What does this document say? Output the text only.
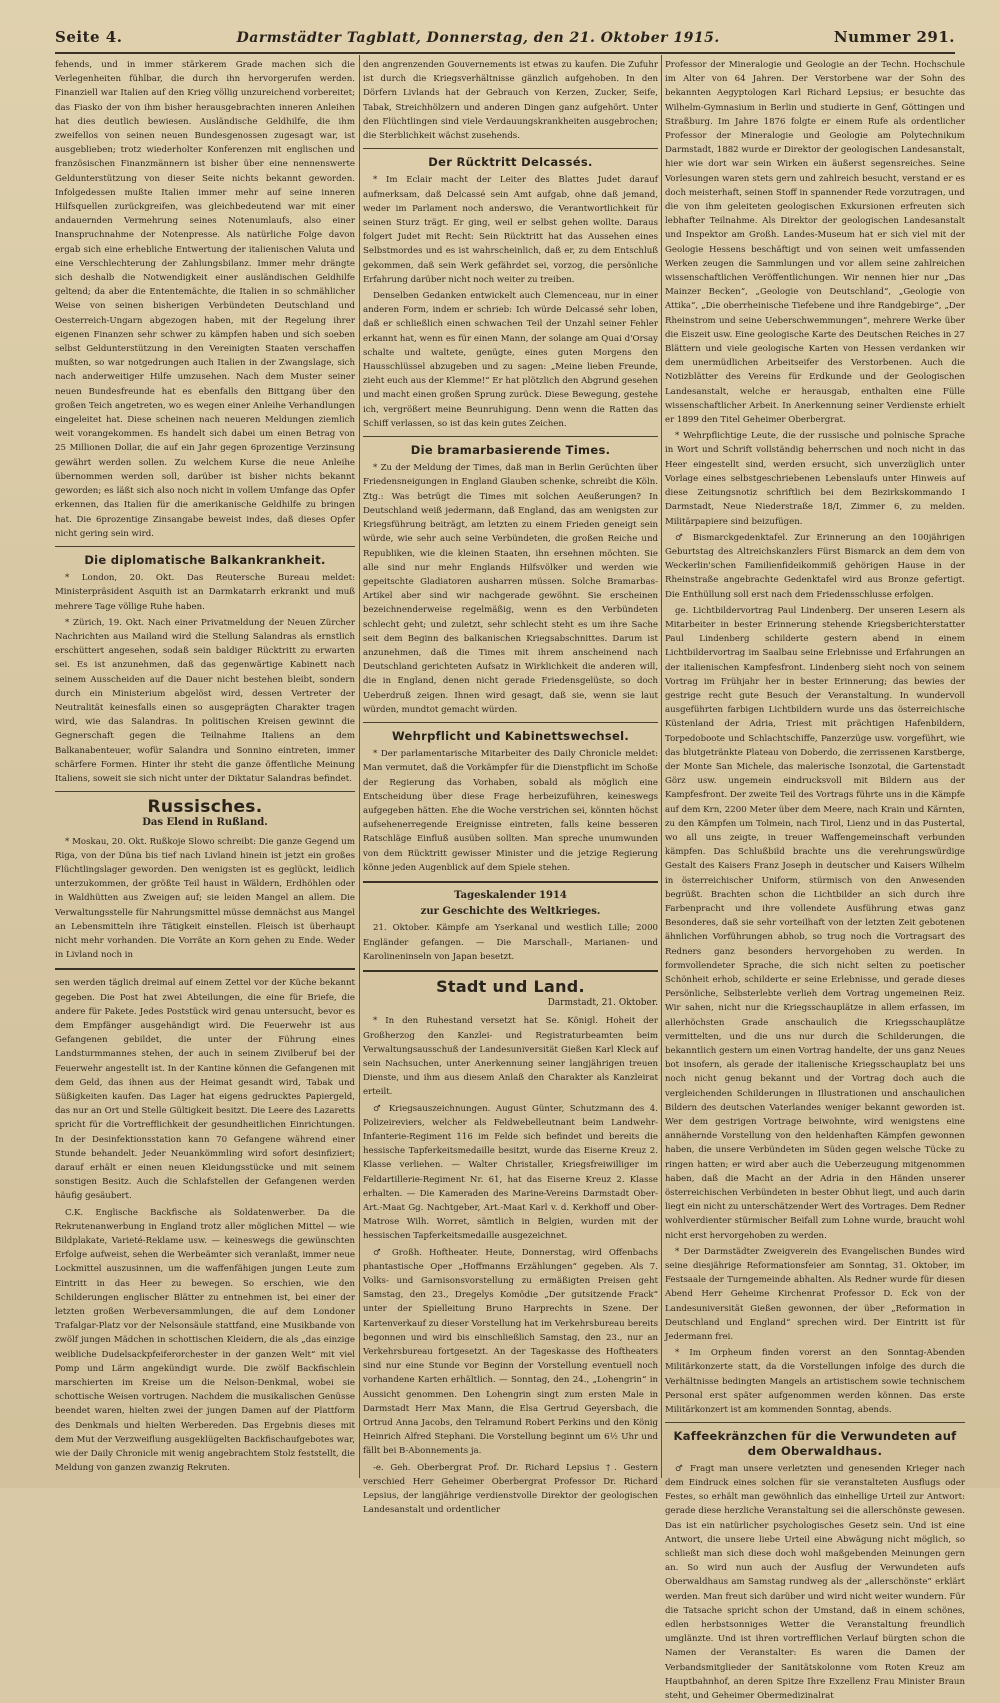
Seite 4.	Darmstädter Tagblatt, Donnerstag, den 21. Oktober 1915.	Nummer 291.

fehends, und in immer stärkerem Grade machen sich die Verlegenheiten fühlbar, die durch ihn hervorgerufen werden. Finanziell war Italien auf den Krieg völlig unzureichend vorbereitet; das Fiasko der von ihm bisher herausgebrachten inneren Anleihen hat dies deutlich bewiesen. Ausländische Geldhilfe, die ihm zweifellos von seinen neuen Bundesgenossen zugesagt war, ist ausgeblieben; trotz wiederholter Konferenzen mit englischen und französischen Finanzmännern ist bisher über eine nennenswerte Geldunterstützung von dieser Seite nichts bekannt geworden. Infolgedessen mußte Italien immer mehr auf seine inneren Hilfsquellen zurückgreifen, was gleichbedeutend war mit einer andauernden Vermehrung seines Notenumlaufs, also einer Inanspruchnahme der Notenpresse. Als natürliche Folge davon ergab sich eine erhebliche Entwertung der italienischen Valuta und eine Verschlechterung der Zahlungsbilanz. Immer mehr drängte sich deshalb die Notwendigkeit einer ausländischen Geldhilfe geltend; da aber die Ententemächte, die Italien in so schmählicher Weise von seinen bisherigen Verbündeten Deutschland und Oesterreich-Ungarn abgezogen haben, mit der Regelung ihrer eigenen Finanzen sehr schwer zu kämpfen haben und sich soeben selbst Geldunterstützung in den Vereinigten Staaten verschaffen mußten, so war notgedrungen auch Italien in der Zwangslage, sich nach anderweitiger Hilfe umzusehen. Nach dem Muster seiner neuen Bundesfreunde hat es ebenfalls den Bittgang über den großen Teich angetreten, wo es wegen einer Anleihe Verhandlungen eingeleitet hat. Diese scheinen nach neueren Meldungen ziemlich weit vorangekommen. Es handelt sich dabei um einen Betrag von 25 Millionen Dollar, die auf ein Jahr gegen 6prozentige Verzinsung gewährt werden sollen. Zu welchem Kurse die neue Anleihe übernommen werden soll, darüber ist bisher nichts bekannt geworden; es läßt sich also noch nicht in vollem Umfange das Opfer erkennen, das Italien für die amerikanische Geldhilfe zu bringen hat. Die 6prozentige Zinsangabe beweist indes, daß dieses Opfer nicht gering sein wird.

Die diplomatische Balkankrankheit.

* London, 20. Okt. Das Reutersche Bureau meldet: Ministerpräsident Asquith ist an Darmkatarrh erkrankt und muß mehrere Tage völlige Ruhe haben.

* Zürich, 19. Okt. Nach einer Privatmeldung der Neuen Zürcher Nachrichten aus Mailand wird die Stellung Salandras als ernstlich erschüttert angesehen, sodaß sein baldiger Rücktritt zu erwarten sei. Es ist anzunehmen, daß das gegenwärtige Kabinett nach seinem Ausscheiden auf die Dauer nicht bestehen bleibt, sondern durch ein Ministerium abgelöst wird, dessen Vertreter der Neutralität keinesfalls einen so ausgeprägten Charakter tragen wird, wie das Salandras. In politischen Kreisen gewinnt die Gegnerschaft gegen die Teilnahme Italiens an dem Balkanabenteuer, wofür Salandra und Sonnino eintreten, immer schärfere Formen. Hinter ihr steht die ganze öffentliche Meinung Italiens, soweit sie sich nicht unter der Diktatur Salandras befindet.

Russisches.
Das Elend in Rußland.

* Moskau, 20. Okt. Rußkoje Slowo schreibt: Die ganze Gegend um Riga, von der Düna bis tief nach Livland hinein ist jetzt ein großes Flüchtlingslager geworden. Den wenigsten ist es geglückt, leidlich unterzukommen, der größte Teil haust in Wäldern, Erdhöhlen oder in Waldhütten aus Zweigen auf; sie leiden Mangel an allem. Die Verwaltungsstelle für Nahrungsmittel müsse demnächst aus Mangel an Lebensmitteln ihre Tätigkeit einstellen. Fleisch ist überhaupt nicht mehr vorhanden. Die Vorräte an Korn gehen zu Ende. Weder in Livland noch in

sen werden täglich dreimal auf einem Zettel vor der Küche bekannt gegeben. Die Post hat zwei Abteilungen, die eine für Briefe, die andere für Pakete. Jedes Poststück wird genau untersucht, bevor es dem Empfänger ausgehändigt wird. Die Feuerwehr ist aus Gefangenen gebildet, die unter der Führung eines Landsturmmannes stehen, der auch in seinem Zivilberuf bei der Feuerwehr angestellt ist. In der Kantine können die Gefangenen mit dem Geld, das ihnen aus der Heimat gesandt wird, Tabak und Süßigkeiten kaufen. Das Lager hat eigens gedrucktes Papiergeld, das nur an Ort und Stelle Gültigkeit besitzt. Die Leere des Lazaretts spricht für die Vortrefflichkeit der gesundheitlichen Einrichtungen. In der Desinfektionsstation kann 70 Gefangene während einer Stunde behandelt. Jeder Neuankömmling wird sofort desinfiziert; darauf erhält er einen neuen Kleidungsstücke und mit seinem sonstigen Besitz. Auch die Schlafstellen der Gefangenen werden häufig gesäubert.

C.K. Englische Backfische als Soldatenwerber. Da die Rekrutenanwerbung in England trotz aller möglichen Mittel — wie Bildplakate, Varieté-Reklame usw. — keineswegs die gewünschten Erfolge aufweist, sehen die Werbeämter sich veranlaßt, immer neue Lockmittel auszusinnen, um die waffenfähigen jungen Leute zum Eintritt in das Heer zu bewegen. So erschien, wie den Schilderungen englischer Blätter zu entnehmen ist, bei einer der letzten großen Werbeversammlungen, die auf dem Londoner Trafalgar-Platz vor der Nelsonsäule stattfand, eine Musikbande von zwölf jungen Mädchen in schottischen Kleidern, die als „das einzige weibliche Dudelsackpfeiferorchester in der ganzen Welt“ mit viel Pomp und Lärm angekündigt wurde. Die zwölf Backfischlein marschierten im Kreise um die Nelson-Denkmal, wobei sie schottische Weisen vortrugen. Nachdem die musikalischen Genüsse beendet waren, hielten zwei der jungen Damen auf der Plattform des Denkmals und hielten Werbereden. Das Ergebnis dieses mit dem Mut der Verzweiflung ausgeklügelten Backfischaufgebotes war, wie der Daily Chronicle mit wenig angebrachtem Stolz feststellt, die Meldung von ganzen zwanzig Rekruten.

den angrenzenden Gouvernements ist etwas zu kaufen. Die Zufuhr ist durch die Kriegsverhältnisse gänzlich aufgehoben. In den Dörfern Livlands hat der Gebrauch von Kerzen, Zucker, Seife, Tabak, Streichhölzern und anderen Dingen ganz aufgehört. Unter den Flüchtlingen sind viele Verdauungskrankheiten ausgebrochen; die Sterblichkeit wächst zusehends.

Der Rücktritt Delcassés.

* Im Eclair macht der Leiter des Blattes Judet darauf aufmerksam, daß Delcassé sein Amt aufgab, ohne daß jemand, weder im Parlament noch anderswo, die Verantwortlichkeit für seinen Sturz trägt. Er ging, weil er selbst gehen wollte. Daraus folgert Judet mit Recht: Sein Rücktritt hat das Aussehen eines Selbstmordes und es ist wahrscheinlich, daß er, zu dem Entschluß gekommen, daß sein Werk gefährdet sei, vorzog, die persönliche Erfahrung darüber nicht noch weiter zu treiben.

Denselben Gedanken entwickelt auch Clemenceau, nur in einer anderen Form, indem er schrieb: Ich würde Delcassé sehr loben, daß er schließlich einen schwachen Teil der Unzahl seiner Fehler erkannt hat, wenn es für einen Mann, der solange am Quai d'Orsay schalte und waltete, genügte, eines guten Morgens den Hausschlüssel abzugeben und zu sagen: „Meine lieben Freunde, zieht euch aus der Klemme!“ Er hat plötzlich den Abgrund gesehen und macht einen großen Sprung zurück. Diese Bewegung, gestehe ich, vergrößert meine Beunruhigung. Denn wenn die Ratten das Schiff verlassen, so ist das kein gutes Zeichen.

Die bramarbasierende Times.

* Zu der Meldung der Times, daß man in Berlin Gerüchten über Friedensneigungen in England Glauben schenke, schreibt die Köln. Ztg.: Was betrügt die Times mit solchen Aeußerungen? In Deutschland weiß jedermann, daß England, das am wenigsten zur Kriegsführung beiträgt, am letzten zu einem Frieden geneigt sein würde, wie sehr auch seine Verbündeten, die großen Reiche und Republiken, wie die kleinen Staaten, ihn ersehnen möchten. Sie alle sind nur mehr Englands Hilfsvölker und werden wie gepeitschte Gladiatoren ausharren müssen. Solche Bramarbas-Artikel aber sind wir nachgerade gewöhnt. Sie erscheinen bezeichnenderweise regelmäßig, wenn es den Verbündeten schlecht geht; und zuletzt, sehr schlecht steht es um ihre Sache seit dem Beginn des balkanischen Kriegsabschnittes. Darum ist anzunehmen, daß die Times mit ihrem anscheinend nach Deutschland gerichteten Aufsatz in Wirklichkeit die anderen will, die in England, denen nicht gerade Friedensgelüste, so doch Ueberdruß zeigen. Ihnen wird gesagt, daß sie, wenn sie laut würden, mundtot gemacht würden.

Wehrpflicht und Kabinettswechsel.

* Der parlamentarische Mitarbeiter des Daily Chronicle meldet: Man vermutet, daß die Vorkämpfer für die Dienstpflicht im Schoße der Regierung das Vorhaben, sobald als möglich eine Entscheidung über diese Frage herbeizuführen, keineswegs aufgegeben hätten. Ehe die Woche verstrichen sei, könnten höchst aufsehenerregende Ereignisse eintreten, falls keine besseren Ratschläge Einfluß ausüben sollten. Man spreche unumwunden von dem Rücktritt gewisser Minister und die jetzige Regierung könne jeden Augenblick auf dem Spiele stehen.

Tageskalender 1914
zur Geschichte des Weltkrieges.

21. Oktober. Kämpfe am Yserkanal und westlich Lille; 2000 Engländer gefangen. — Die Marschall-, Marianen- und Karolineninseln von Japan besetzt.

Stadt und Land.
Darmstadt, 21. Oktober.

* In den Ruhestand versetzt hat Se. Königl. Hoheit der Großherzog den Kanzlei- und Registraturbeamten beim Verwaltungsausschuß der Landesuniversität Gießen Karl Kleck auf sein Nachsuchen, unter Anerkennung seiner langjährigen treuen Dienste, und ihm aus diesem Anlaß den Charakter als Kanzleirat erteilt.

♂ Kriegsauszeichnungen. August Günter, Schutzmann des 4. Polizeireviers, welcher als Feldwebelleutnant beim Landwehr-Infanterie-Regiment 116 im Felde sich befindet und bereits die hessische Tapferkeitsmedaille besitzt, wurde das Eiserne Kreuz 2. Klasse verliehen. — Walter Christaller, Kriegsfreiwilliger im Feldartillerie-Regiment Nr. 61, hat das Eiserne Kreuz 2. Klasse erhalten. — Die Kameraden des Marine-Vereins Darmstadt Ober-Art.-Maat Gg. Nachtgeber, Art.-Maat Karl v. d. Kerkhoff und Ober-Matrose Wilh. Worret, sämtlich in Belgien, wurden mit der hessischen Tapferkeitsmedaille ausgezeichnet.

♂ Großh. Hoftheater. Heute, Donnerstag, wird Offenbachs phantastische Oper „Hoffmanns Erzählungen“ gegeben. Als 7. Volks- und Garnisonsvorstellung zu ermäßigten Preisen geht Samstag, den 23., Dregelys Komödie „Der gutsitzende Frack“ unter der Spielleitung Bruno Harprechts in Szene. Der Kartenverkauf zu dieser Vorstellung hat im Verkehrsbureau bereits begonnen und wird bis einschließlich Samstag, den 23., nur an Verkehrsbureau fortgesetzt. An der Tageskasse des Hoftheaters sind nur eine Stunde vor Beginn der Vorstellung eventuell noch vorhandene Karten erhältlich. — Sonntag, den 24., „Lohengrin“ in Aussicht genommen. Den Lohengrin singt zum ersten Male in Darmstadt Herr Max Mann, die Elsa Gertrud Geyersbach, die Ortrud Anna Jacobs, den Telramund Robert Perkins und den König Heinrich Alfred Stephani. Die Vorstellung beginnt um 6½ Uhr und fällt bei B-Abonnements ja.

-e. Geh. Oberbergrat Prof. Dr. Richard Lepsius †. Gestern verschied Herr Geheimer Oberbergrat Professor Dr. Richard Lepsius, der langjährige verdienstvolle Direktor der geologischen Landesanstalt und ordentlicher

Professor der Mineralogie und Geologie an der Techn. Hochschule im Alter von 64 Jahren. Der Verstorbene war der Sohn des bekannten Aegyptologen Karl Richard Lepsius; er besuchte das Wilhelm-Gymnasium in Berlin und studierte in Genf, Göttingen und Straßburg. Im Jahre 1876 folgte er einem Rufe als ordentlicher Professor der Mineralogie und Geologie am Polytechnikum Darmstadt, 1882 wurde er Direktor der geologischen Landesanstalt, hier wie dort war sein Wirken ein äußerst segensreiches. Seine Vorlesungen waren stets gern und zahlreich besucht, verstand er es doch meisterhaft, seinen Stoff in spannender Rede vorzutragen, und die von ihm geleiteten geologischen Exkursionen erfreuten sich lebhafter Teilnahme. Als Direktor der geologischen Landesanstalt und Inspektor am Großh. Landes-Museum hat er sich viel mit der Geologie Hessens beschäftigt und von seinen weit umfassenden Werken zeugen die Sammlungen und vor allem seine zahlreichen wissenschaftlichen Veröffentlichungen. Wir nennen hier nur „Das Mainzer Becken“, „Geologie von Deutschland“, „Geologie von Attika“, „Die oberrheinische Tiefebene und ihre Randgebirge“, „Der Rheinstrom und seine Ueberschwemmungen“, mehrere Werke über die Eiszeit usw. Eine geologische Karte des Deutschen Reiches in 27 Blättern und viele geologische Karten von Hessen verdanken wir dem unermüdlichen Arbeitseifer des Verstorbenen. Auch die Notizblätter des Vereins für Erdkunde und der Geologischen Landesanstalt, welche er herausgab, enthalten eine Fülle wissenschaftlicher Arbeit. In Anerkennung seiner Verdienste erhielt er 1899 den Titel Geheimer Oberbergrat.

* Wehrpflichtige Leute, die der russische und polnische Sprache in Wort und Schrift vollständig beherrschen und noch nicht in das Heer eingestellt sind, werden ersucht, sich unverzüglich unter Vorlage eines selbstgeschriebenen Lebenslaufs unter Hinweis auf diese Zeitungsnotiz schriftlich bei dem Bezirkskommando I Darmstadt, Neue Niederstraße 18/I, Zimmer 6, zu melden. Militärpapiere sind beizufügen.

♂ Bismarckgedenktafel. Zur Erinnerung an den 100jährigen Geburtstag des Altreichskanzlers Fürst Bismarck an dem dem von Weckerlin'schen Familienfideikommiß gehörigen Hause in der Rheinstraße angebrachte Gedenktafel wird aus Bronze gefertigt. Die Enthüllung soll erst nach dem Friedensschlusse erfolgen.

ge. Lichtbildervortrag Paul Lindenberg. Der unseren Lesern als Mitarbeiter in bester Erinnerung stehende Kriegsberichterstatter Paul Lindenberg schilderte gestern abend in einem Lichtbildervortrag im Saalbau seine Erlebnisse und Erfahrungen an der italienischen Kampfesfront. Lindenberg sieht noch von seinem Vortrag im Frühjahr her in bester Erinnerung; das bewies der gestrige recht gute Besuch der Veranstaltung. In wundervoll ausgeführten farbigen Lichtbildern wurde uns das österreichische Küstenland der Adria, Triest mit prächtigen Hafenbildern, Torpedoboote und Schlachtschiffe, Panzerzüge usw. vorgeführt, wie das blutgetränkte Plateau von Doberdo, die zerrissenen Karstberge, der Monte San Michele, das malerische Isonzotal, die Gartenstadt Görz usw. ungemein eindrucksvoll mit Bildern aus der Kampfesfront. Der zweite Teil des Vortrags führte uns in die Kämpfe auf dem Krn, 2200 Meter über dem Meere, nach Krain und Kärnten, zu den Kämpfen um Tolmein, nach Tirol, Lienz und in das Pustertal, wo all uns zeigte, in treuer Waffengemeinschaft verbunden kämpfen. Das Schlußbild brachte uns die verehrungswürdige Gestalt des Kaisers Franz Joseph in deutscher und Kaisers Wilhelm in österreichischer Uniform, stürmisch von den Anwesenden begrüßt. Brachten schon die Lichtbilder an sich durch ihre Farbenpracht und ihre vollendete Ausführung etwas ganz Besonderes, daß sie sehr vorteilhaft von der letzten Zeit gebotenen ähnlichen Vorführungen abhob, so trug noch die Vortragsart des Redners ganz besonders hervorgehoben zu werden. In formvollendeter Sprache, die sich nicht selten zu poetischer Schönheit erhob, schilderte er seine Erlebnisse, und gerade dieses Persönliche, Selbsterlebte verlieh dem Vortrag ungemeinen Reiz. Wir sahen, nicht nur die Kriegsschauplätze in allem erfassen, im allerhöchsten Grade anschaulich die Kriegsschauplätze vermittelten, und die uns nur durch die Schilderungen, die bekanntlich gestern um einen Vortrag handelte, der uns ganz Neues bot insofern, als gerade der italienische Kriegsschauplatz bei uns noch nicht genug bekannt und der Vortrag doch auch die vergleichenden Schilderungen in Illustrationen und anschaulichen Bildern des deutschen Vaterlandes weniger bekannt geworden ist. Wer dem gestrigen Vortrage beiwohnte, wird wenigstens eine annähernde Vorstellung von den heldenhaften Kämpfen gewonnen haben, die unsere Verbündeten im Süden gegen welsche Tücke zu ringen hatten; er wird aber auch die Ueberzeugung mitgenommen haben, daß die Macht an der Adria in den Händen unserer österreichischen Verbündeten in bester Obhut liegt, und auch darin liegt ein nicht zu unterschätzender Wert des Vortrages. Dem Redner wohlverdienter stürmischer Beifall zum Lohne wurde, braucht wohl nicht erst hervorgehoben zu werden.

* Der Darmstädter Zweigverein des Evangelischen Bundes wird seine diesjährige Reformationsfeier am Sonntag, 31. Oktober, im Festsaale der Turngemeinde abhalten. Als Redner wurde für diesen Abend Herr Geheime Kirchenrat Professor D. Eck von der Landesuniversität Gießen gewonnen, der über „Reformation in Deutschland und England“ sprechen wird. Der Eintritt ist für Jedermann frei.

* Im Orpheum finden vorerst an den Sonntag-Abenden Militärkonzerte statt, da die Vorstellungen infolge des durch die Verhältnisse bedingten Mangels an artistischem sowie technischem Personal erst später aufgenommen werden können. Das erste Militärkonzert ist am kommenden Sonntag, abends.

Kaffeekränzchen für die Verwundeten auf dem Oberwaldhaus.

♂ Fragt man unsere verletzten und genesenden Krieger nach dem Eindruck eines solchen für sie veranstalteten Ausflugs oder Festes, so erhält man gewöhnlich das einhellige Urteil zur Antwort: gerade diese herzliche Veranstaltung sei die allerschönste gewesen. Das ist ein natürlicher psychologisches Gesetz sein. Und ist eine Antwort, die unsere liebe Urteil eine Abwägung nicht möglich, so schließt man sich diese doch wohl maßgebenden Meinungen gern an. So wird nun auch der Ausflug der Verwundeten aufs Oberwaldhaus am Samstag rundweg als der „allerschönste“ erklärt werden. Man freut sich darüber und wird nicht weiter wundern. Für die Tatsache spricht schon der Umstand, daß in einem schönes, edlen herbstsonniges Wetter die Veranstaltung freundlich umglänzte. Und ist ihren vortrefflichen Verlauf bürgten schon die Namen der Veranstalter: Es waren die Damen der Verbandsmitglieder der Sanitätskolonne vom Roten Kreuz am Hauptbahnhof, an deren Spitze Ihre Exzellenz Frau Minister Braun steht, und Geheimer Obermedizinalrat
